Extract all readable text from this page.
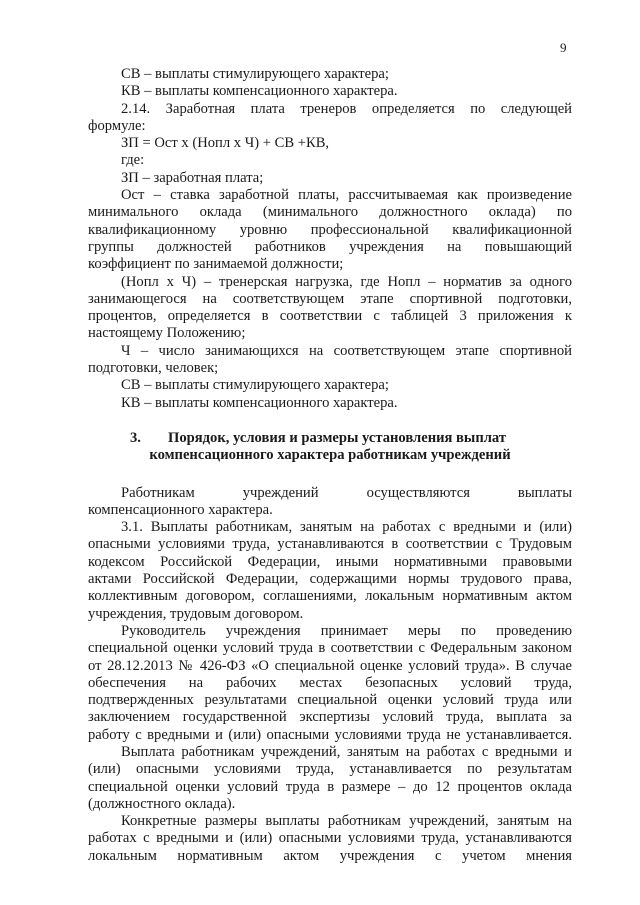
9
СВ – выплаты стимулирующего характера;
КВ – выплаты компенсационного характера.
2.14. Заработная плата тренеров определяется по следующей
формуле:
ЗП = Ост х (Нопл х Ч) + СВ +КВ,
где:
ЗП – заработная плата;
Ост – ставка заработной платы, рассчитываемая как произведение
минимального оклада (минимального должностного оклада) по
квалификационному уровню профессиональной квалификационной
группы должностей работников учреждения на повышающий
коэффициент по занимаемой должности;
(Нопл х Ч) – тренерская нагрузка, где Нопл – норматив за одного
занимающегося на соответствующем этапе спортивной подготовки,
процентов, определяется в соответствии с таблицей 3 приложения к
настоящему Положению;
Ч – число занимающихся на соответствующем этапе спортивной
подготовки, человек;
СВ – выплаты стимулирующего характера;
КВ – выплаты компенсационного характера.
3. Порядок, условия и размеры установления выплат
компенсационного характера работникам учреждений
Работникам учреждений осуществляются выплаты
компенсационного характера.
3.1. Выплаты работникам, занятым на работах с вредными и (или)
опасными условиями труда, устанавливаются в соответствии с Трудовым
кодексом Российской Федерации, иными нормативными правовыми
актами Российской Федерации, содержащими нормы трудового права,
коллективным договором, соглашениями, локальным нормативным актом
учреждения, трудовым договором.
Руководитель учреждения принимает меры по проведению
специальной оценки условий труда в соответствии с Федеральным законом
от 28.12.2013 № 426-ФЗ «О специальной оценке условий труда». В случае
обеспечения на рабочих местах безопасных условий труда,
подтвержденных результатами специальной оценки условий труда или
заключением государственной экспертизы условий труда, выплата за
работу с вредными и (или) опасными условиями труда не устанавливается.
Выплата работникам учреждений, занятым на работах с вредными и
(или) опасными условиями труда, устанавливается по результатам
специальной оценки условий труда в размере – до 12 процентов оклада
(должностного оклада).
Конкретные размеры выплаты работникам учреждений, занятым на
работах с вредными и (или) опасными условиями труда, устанавливаются
локальным нормативным актом учреждения с учетом мнения
